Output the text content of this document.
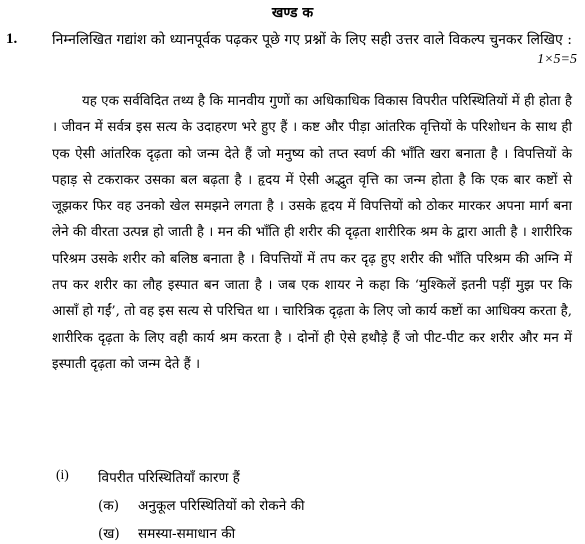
खण्ड क
1. निम्नलिखित गद्यांश को ध्यानपूर्वक पढ़कर पूछे गए प्रश्नों के लिए सही उत्तर वाले विकल्प चुनकर लिखिए :
1×5=5

यह एक सर्वविदित तथ्य है कि मानवीय गुणों का अधिकाधिक विकास विपरीत परिस्थितियों में ही होता है । जीवन में सर्वत्र इस सत्य के उदाहरण भरे हुए हैं । कष्ट और पीड़ा आंतरिक वृत्तियों के परिशोधन के साथ ही एक ऐसी आंतरिक दृढ़ता को जन्म देते हैं जो मनुष्य को तप्त स्वर्ण की भाँति खरा बनाता है । विपत्तियों के पहाड़ से टकराकर उसका बल बढ़ता है । हृदय में ऐसी अद्भुत वृत्ति का जन्म होता है कि एक बार कष्टों से जूझकर फिर वह उनको खेल समझने लगता है । उसके हृदय में विपत्तियों को ठोकर मारकर अपना मार्ग बना लेने की वीरता उत्पन्न हो जाती है । मन की भाँति ही शरीर की दृढ़ता शारीरिक श्रम के द्वारा आती है । शारीरिक परिश्रम उसके शरीर को बलिष्ठ बनाता है । विपत्तियों में तप कर दृढ़ हुए शरीर की भाँति परिश्रम की अग्नि में तप कर शरीर का लौह इस्पात बन जाता है । जब एक शायर ने कहा कि ‘मुश्किलें इतनी पड़ीं मुझ पर कि आसाँ हो गईं’, तो वह इस सत्य से परिचित था । चारित्रिक दृढ़ता के लिए जो कार्य कष्टों का आधिक्य करता है, शारीरिक दृढ़ता के लिए वही कार्य श्रम करता है । दोनों ही ऐसे हथौड़े हैं जो पीट-पीट कर शरीर और मन में इस्पाती दृढ़ता को जन्म देते हैं ।

(i) विपरीत परिस्थितियाँ कारण हैं
(क) अनुकूल परिस्थितियों को रोकने की
(ख) समस्या-समाधान की
